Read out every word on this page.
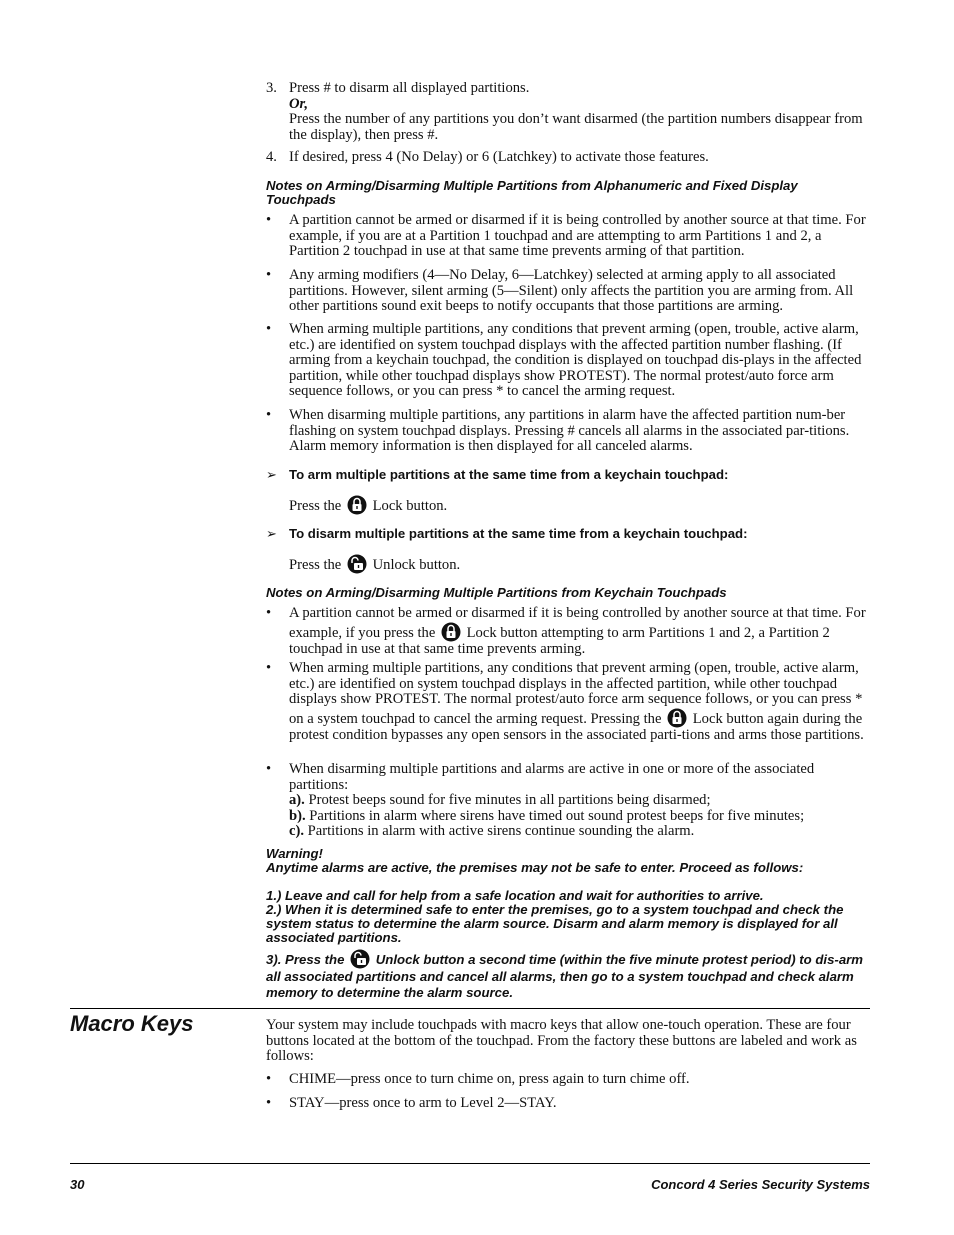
3. Press # to disarm all displayed partitions.
Or,
Press the number of any partitions you don’t want disarmed (the partition numbers disappear from the display), then press #.
4. If desired, press 4 (No Delay) or 6 (Latchkey) to activate those features.
Notes on Arming/Disarming Multiple Partitions from Alphanumeric and Fixed Display Touchpads
• A partition cannot be armed or disarmed if it is being controlled by another source at that time. For example, if you are at a Partition 1 touchpad and are attempting to arm Partitions 1 and 2, a Partition 2 touchpad in use at that same time prevents arming of that partition.
• Any arming modifiers (4—No Delay, 6—Latchkey) selected at arming apply to all associated partitions. However, silent arming (5—Silent) only affects the partition you are arming from. All other partitions sound exit beeps to notify occupants that those partitions are arming.
• When arming multiple partitions, any conditions that prevent arming (open, trouble, active alarm, etc.) are identified on system touchpad displays with the affected partition number flashing. (If arming from a keychain touchpad, the condition is displayed on touchpad dis-plays in the affected partition, while other touchpad displays show PROTEST). The normal protest/auto force arm sequence follows, or you can press * to cancel the arming request.
• When disarming multiple partitions, any partitions in alarm have the affected partition num-ber flashing on system touchpad displays. Pressing # cancels all alarms in the associated par-titions. Alarm memory information is then displayed for all canceled alarms.
➢ To arm multiple partitions at the same time from a keychain touchpad:
Press the Lock button.
➢ To disarm multiple partitions at the same time from a keychain touchpad:
Press the Unlock button.
Notes on Arming/Disarming Multiple Partitions from Keychain Touchpads
• A partition cannot be armed or disarmed if it is being controlled by another source at that time. For example, if you press the Lock button attempting to arm Partitions 1 and 2, a Partition 2 touchpad in use at that same time prevents arming.
• When arming multiple partitions, any conditions that prevent arming (open, trouble, active alarm, etc.) are identified on system touchpad displays in the affected partition, while other touchpad displays show PROTEST. The normal protest/auto force arm sequence follows, or you can press * on a system touchpad to cancel the arming request. Pressing the Lock button again during the protest condition bypasses any open sensors in the associated parti-tions and arms those partitions.
• When disarming multiple partitions and alarms are active in one or more of the associated partitions:
a). Protest beeps sound for five minutes in all partitions being disarmed;
b). Partitions in alarm where sirens have timed out sound protest beeps for five minutes;
c). Partitions in alarm with active sirens continue sounding the alarm.
Warning!
Anytime alarms are active, the premises may not be safe to enter. Proceed as follows:
1.) Leave and call for help from a safe location and wait for authorities to arrive.
2.) When it is determined safe to enter the premises, go to a system touchpad and check the system status to determine the alarm source. Disarm and alarm memory is displayed for all associated partitions.
3). Press the Unlock button a second time (within the five minute protest period) to dis-arm all associated partitions and cancel all alarms, then go to a system touchpad and check alarm memory to determine the alarm source.
Macro Keys	Your system may include touchpads with macro keys that allow one-touch operation. These are four buttons located at the bottom of the touchpad. From the factory these buttons are labeled and work as follows:
• CHIME—press once to turn chime on, press again to turn chime off.
• STAY—press once to arm to Level 2—STAY.
30	Concord 4 Series Security Systems
